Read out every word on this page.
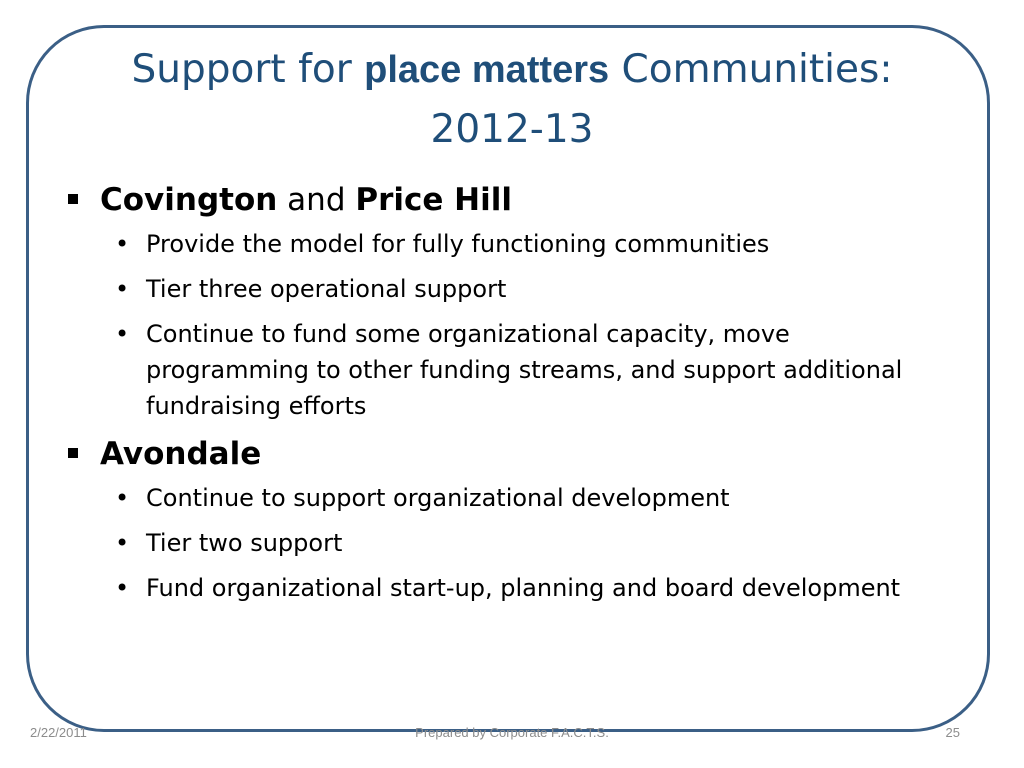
Support for place matters Communities:
2012-13
Covington and Price Hill
• Provide the model for fully functioning communities
• Tier three operational support
• Continue to fund some organizational capacity, move programming to other funding streams, and support additional fundraising efforts
Avondale
• Continue to support organizational development
• Tier two support
• Fund organizational start-up, planning and board development
2/22/2011	Prepared by Corporate F.A.C.T.S.	25
